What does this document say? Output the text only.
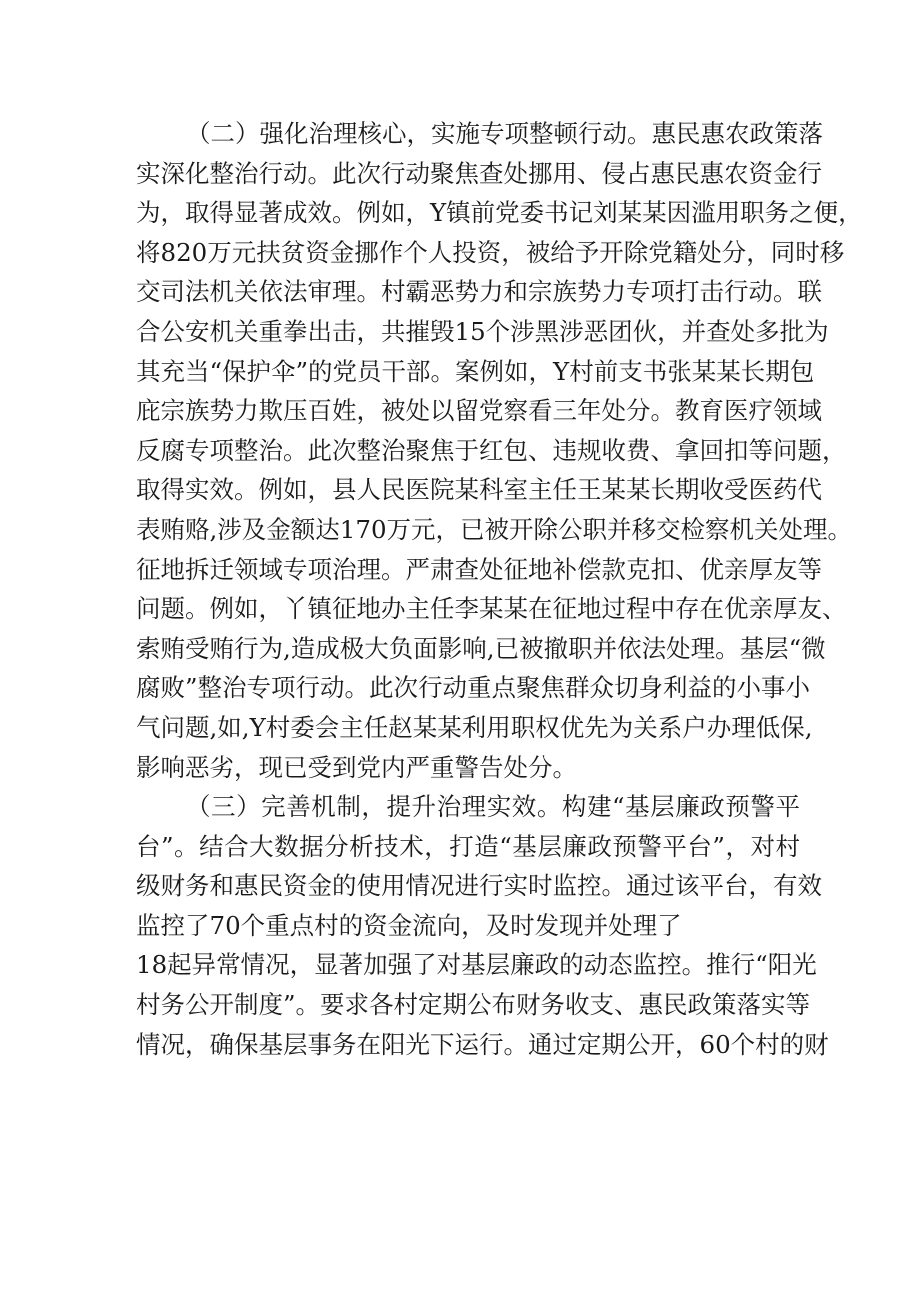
（二）强化治理核心，实施专项整顿行动。惠民惠农政策落
实深化整治行动。此次行动聚焦查处挪用、侵占惠民惠农资金行
为，取得显著成效。例如，Y镇前党委书记刘某某因滥用职务之便，
将820万元扶贫资金挪作个人投资，被给予开除党籍处分，同时移
交司法机关依法审理。村霸恶势力和宗族势力专项打击行动。联
合公安机关重拳出击，共摧毁15个涉黑涉恶团伙，并查处多批为
其充当“保护伞”的党员干部。案例如，Y村前支书张某某长期包
庇宗族势力欺压百姓，被处以留党察看三年处分。教育医疗领域
反腐专项整治。此次整治聚焦于红包、违规收费、拿回扣等问题，
取得实效。例如，县人民医院某科室主任王某某长期收受医药代
表贿赂,涉及金额达170万元，已被开除公职并移交检察机关处理。
征地拆迁领域专项治理。严肃查处征地补偿款克扣、优亲厚友等
问题。例如，丫镇征地办主任李某某在征地过程中存在优亲厚友、
索贿受贿行为,造成极大负面影响,已被撤职并依法处理。基层“微
腐败”整治专项行动。此次行动重点聚焦群众切身利益的小事小
气问题,如,Y村委会主任赵某某利用职权优先为关系户办理低保,
影响恶劣，现已受到党内严重警告处分。
（三）完善机制，提升治理实效。构建“基层廉政预警平
台”。结合大数据分析技术，打造“基层廉政预警平台”，对村
级财务和惠民资金的使用情况进行实时监控。通过该平台，有效
监控了70个重点村的资金流向，及时发现并处理了
18起异常情况，显著加强了对基层廉政的动态监控。推行“阳光
村务公开制度”。要求各村定期公布财务收支、惠民政策落实等
情况，确保基层事务在阳光下运行。通过定期公开，60个村的财
